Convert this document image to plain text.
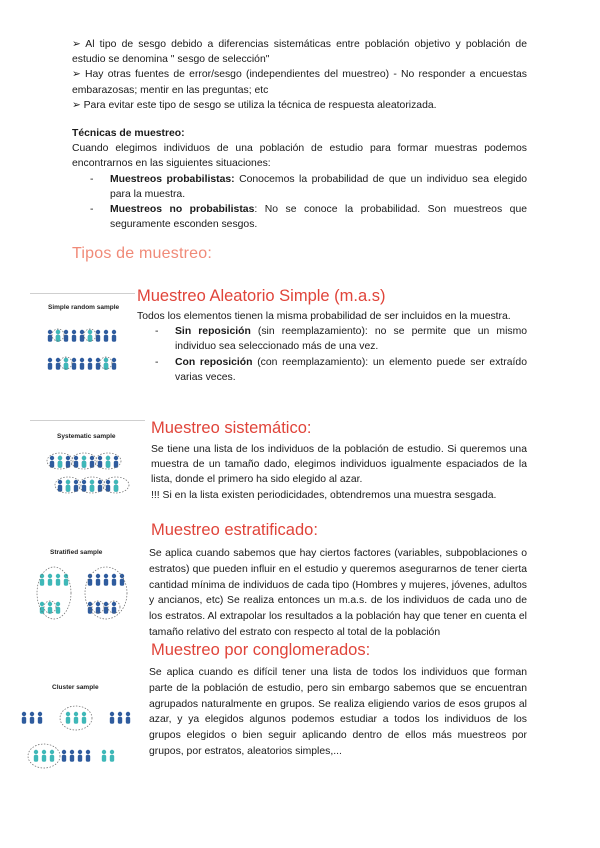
➢ Al tipo de sesgo debido a diferencias sistemáticas entre población objetivo y población de estudio se denomina " sesgo de selección"
➢ Hay otras fuentes de error/sesgo (independientes del muestreo) - No responder a encuestas embarazosas; mentir en las preguntas; etc
➢ Para evitar este tipo de sesgo se utiliza la técnica de respuesta aleatorizada.
Técnicas de muestreo:
Cuando elegimos individuos de una población de estudio para formar muestras podemos encontrarnos en las siguientes situaciones:
- Muestreos probabilistas: Conocemos la probabilidad de que un individuo sea elegido para la muestra.
- Muestreos no probabilistas: No se conoce la probabilidad. Son muestreos que seguramente esconden sesgos.
Tipos de muestreo:
Simple random sample
Muestreo Aleatorio Simple (m.a.s)
Todos los elementos tienen la misma probabilidad de ser incluidos en la muestra.
- Sin reposición (sin reemplazamiento): no se permite que un mismo individuo sea seleccionado más de una vez.
- Con reposición (con reemplazamiento): un elemento puede ser extraído varias veces.
Systematic sample Muestreo sistemático:
Se tiene una lista de los individuos de la población de estudio. Si queremos una muestra de un tamaño dado, elegimos individuos igualmente espaciados de la lista, donde el primero ha sido elegido al azar.
!!! Si en la lista existen periodicidades, obtendremos una muestra sesgada.
Stratified sample
Muestreo estratificado:
Se aplica cuando sabemos que hay ciertos factores (variables, subpoblaciones o estratos) que pueden influir en el estudio y queremos asegurarnos de tener cierta cantidad mínima de individuos de cada tipo (Hombres y mujeres, jóvenes, adultos y ancianos, etc) Se realiza entonces un m.a.s. de los individuos de cada uno de los estratos. Al extrapolar los resultados a la población hay que tener en cuenta el tamaño relativo del estrato con respecto al total de la población
Cluster sample
Muestreo por conglomerados:
Se aplica cuando es difícil tener una lista de todos los individuos que forman parte de la población de estudio, pero sin embargo sabemos que se encuentran agrupados naturalmente en grupos. Se realiza eligiendo varios de esos grupos al azar, y ya elegidos algunos podemos estudiar a todos los individuos de los grupos elegidos o bien seguir aplicando dentro de ellos más muestreos por grupos, por estratos, aleatorios simples,...
